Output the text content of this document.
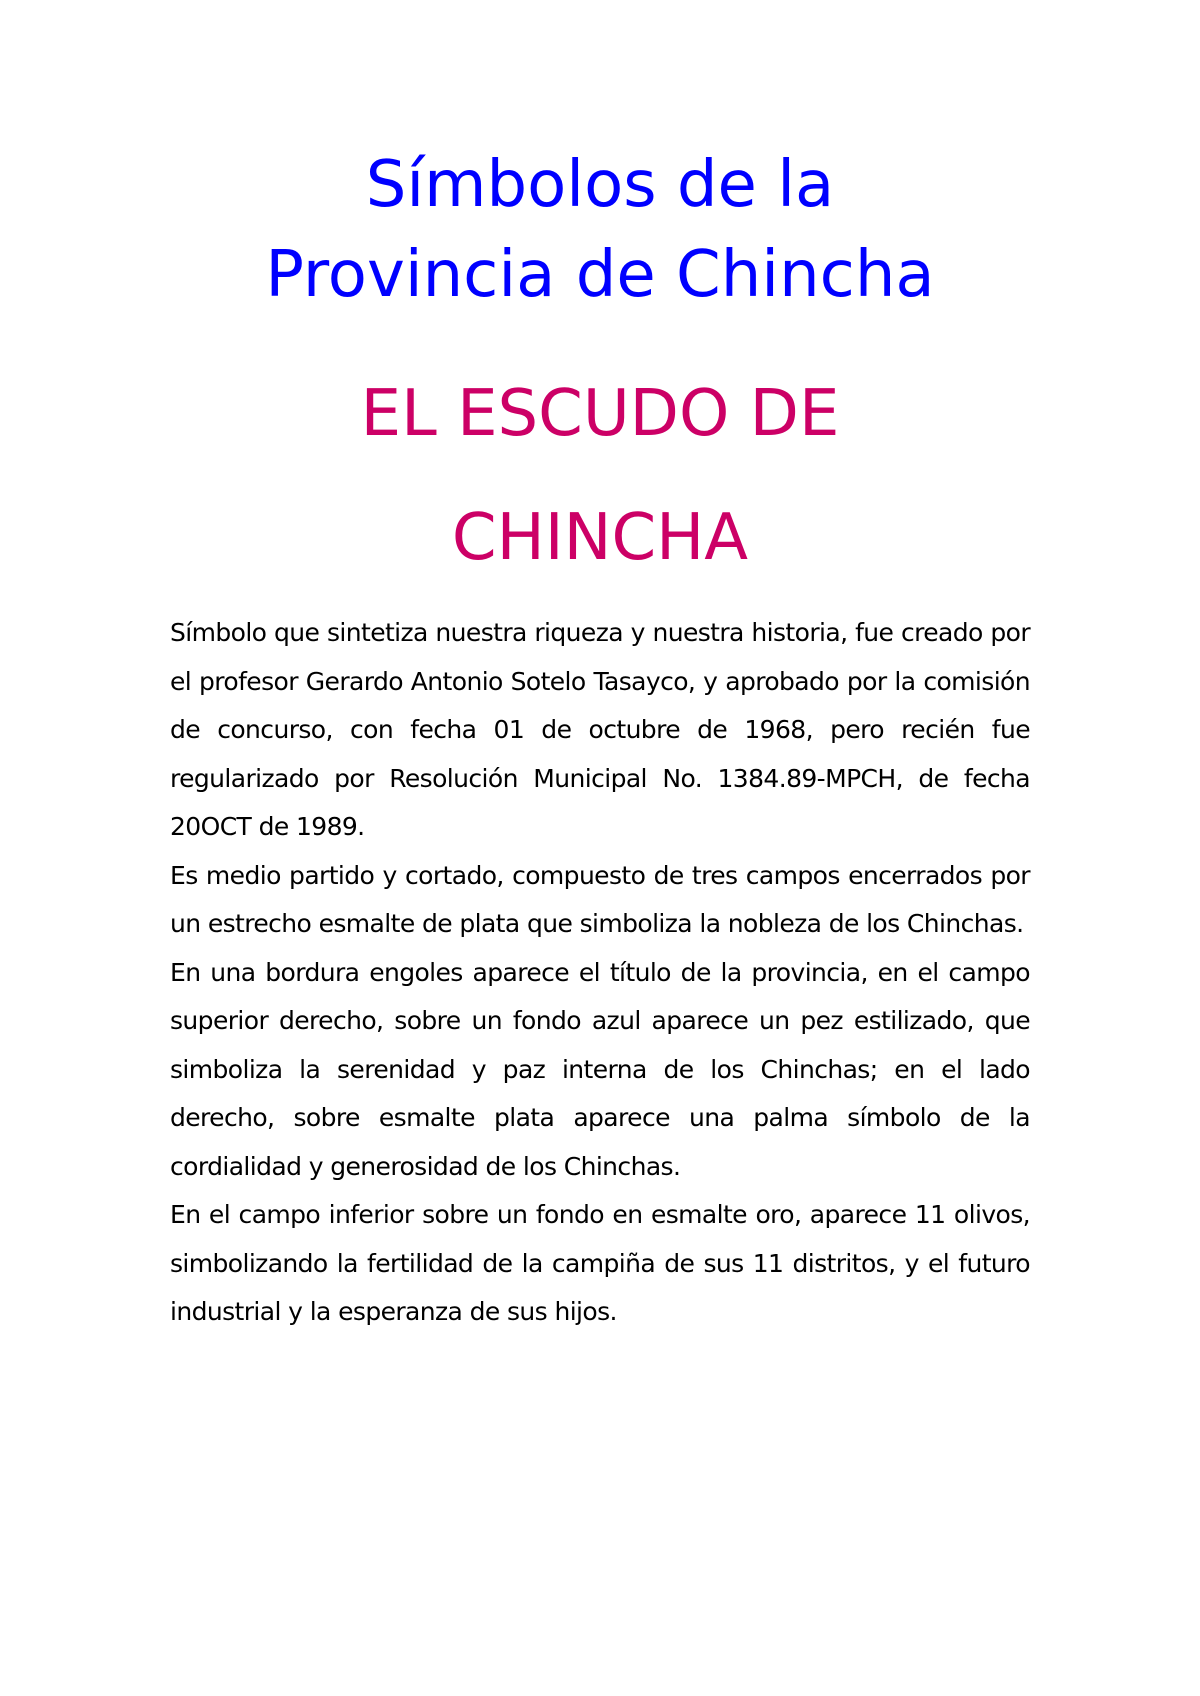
Símbolos de la
Provincia de Chincha
EL ESCUDO DE
CHINCHA

Símbolo que sintetiza nuestra riqueza y nuestra historia, fue creado por el profesor Gerardo Antonio Sotelo Tasayco, y aprobado por la comisión de concurso, con fecha 01 de octubre de 1968, pero recién fue regularizado por Resolución Municipal No. 1384.89-MPCH, de fecha 20OCT de 1989.

Es medio partido y cortado, compuesto de tres campos encerrados por un estrecho esmalte de plata que simboliza la nobleza de los Chinchas.

En una bordura engoles aparece el título de la provincia, en el campo superior derecho, sobre un fondo azul aparece un pez estilizado, que simboliza la serenidad y paz interna de los Chinchas; en el lado derecho, sobre esmalte plata aparece una palma símbolo de la cordialidad y generosidad de los Chinchas.

En el campo inferior sobre un fondo en esmalte oro, aparece 11 olivos, simbolizando la fertilidad de la campiña de sus 11 distritos, y el futuro industrial y la esperanza de sus hijos.
